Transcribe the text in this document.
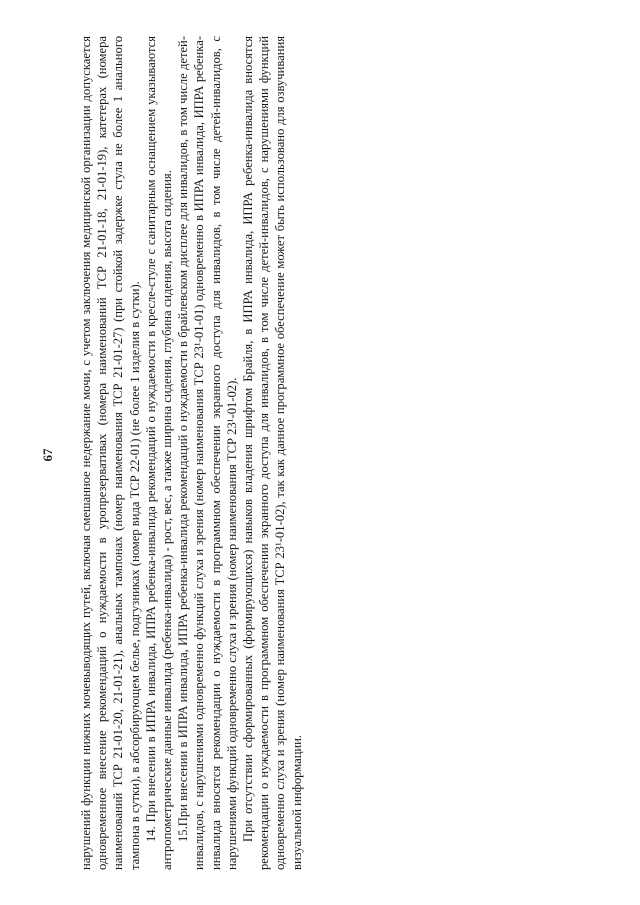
67 нарушений функции нижних мочевыводящих путей, включая смешанное недержание мочи, с учетом заключения медицинской организации допускается одновременное внесение рекомендаций о нуждаемости в уропрезервативах (номера наименований ТСР 21-01-18, 21-01-19), катетерах (номера наименований ТСР 21-01-20, 21-01-21), анальных тампонах (номер наименования ТСР 21-01-27) (при стойкой задержке стула не более 1 анального тампона в сутки), в абсорбирующем белье, подгузниках (номер вида ТСР 22-01) (не более 1 изделия в сутки). 14. При внесении в ИПРА инвалида, ИПРА ребенка-инвалида рекомендаций о нуждаемости в кресле-стуле с санитарным оснащением указываются антропометрические данные инвалида (ребенка-инвалида) - рост, вес, а также ширина сидения, глубина сидения, высота сидения. 15.При внесении в ИПРА инвалида, ИПРА ребенка-инвалида рекомендаций о нуждаемости в брайлевском дисплее для инвалидов, в том числе детей-инвалидов, с нарушениями одновременно функций слуха и зрения (номер наименования ТСР 23¹-01-01) одновременно в ИПРА инвалида, ИПРА ребенка-инвалида вносятся рекомендации о нуждаемости в программном обеспечении экранного доступа для инвалидов, в том числе детей-инвалидов, с нарушениями функций одновременно слуха и зрения (номер наименования ТСР 23¹-01-02). При отсутствии сформированных (формирующихся) навыков владения шрифтом Брайля, в ИПРА инвалида, ИПРА ребенка-инвалида вносятся рекомендации о нуждаемости в программном обеспечении экранного доступа для инвалидов, в том числе детей-инвалидов, с нарушениями функций одновременно слуха и зрения (номер наименования ТСР 23¹-01-02), так как данное программное обеспечение может быть использовано для озвучивания визуальной информации.
